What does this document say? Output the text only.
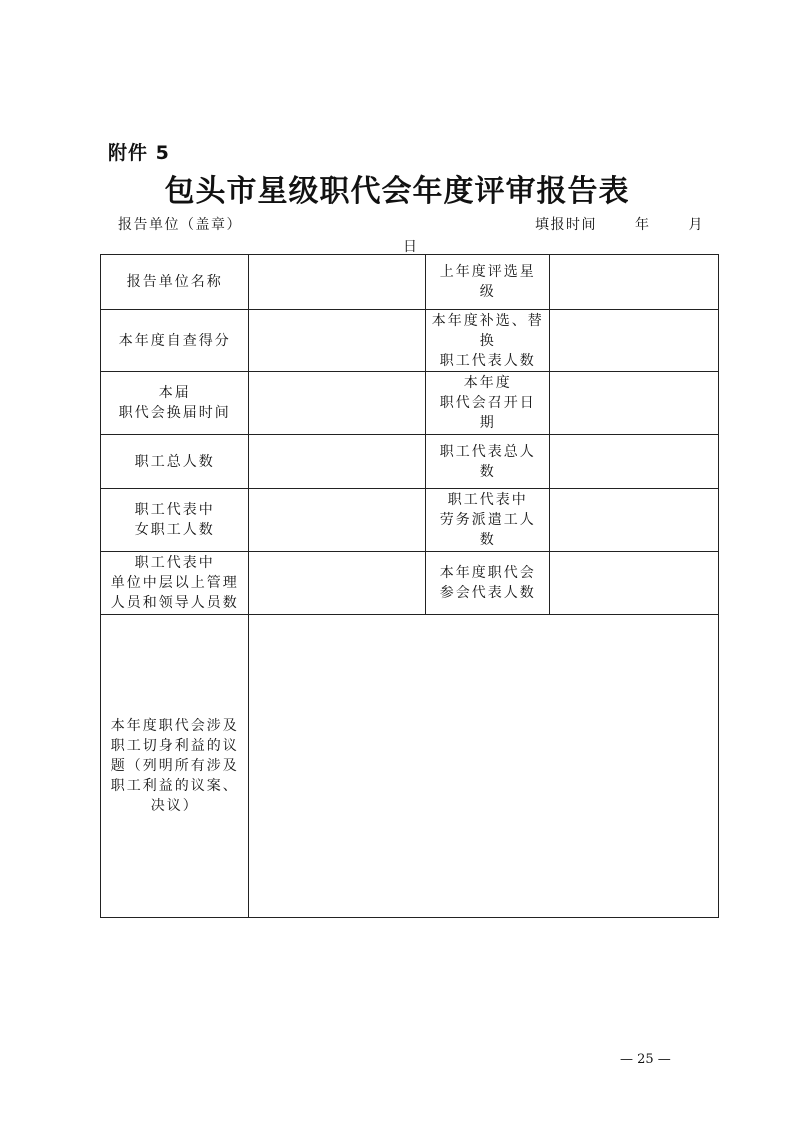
附件 5
包头市星级职代会年度评审报告表
报告单位（盖章）	填报时间	年	月
日
报告单位名称		上年度评选星
级	
本年度自查得分		本年度补选、替
换
职工代表人数	
本届
职代会换届时间		本年度
职代会召开日
期	
职工总人数		职工代表总人
数	
职工代表中
女职工人数		职工代表中
劳务派遣工人
数	
职工代表中
单位中层以上管理
人员和领导人员数		本年度职代会
参会代表人数	
本年度职代会涉及
职工切身利益的议
题（列明所有涉及
职工利益的议案、
决议）			
— 25 —
